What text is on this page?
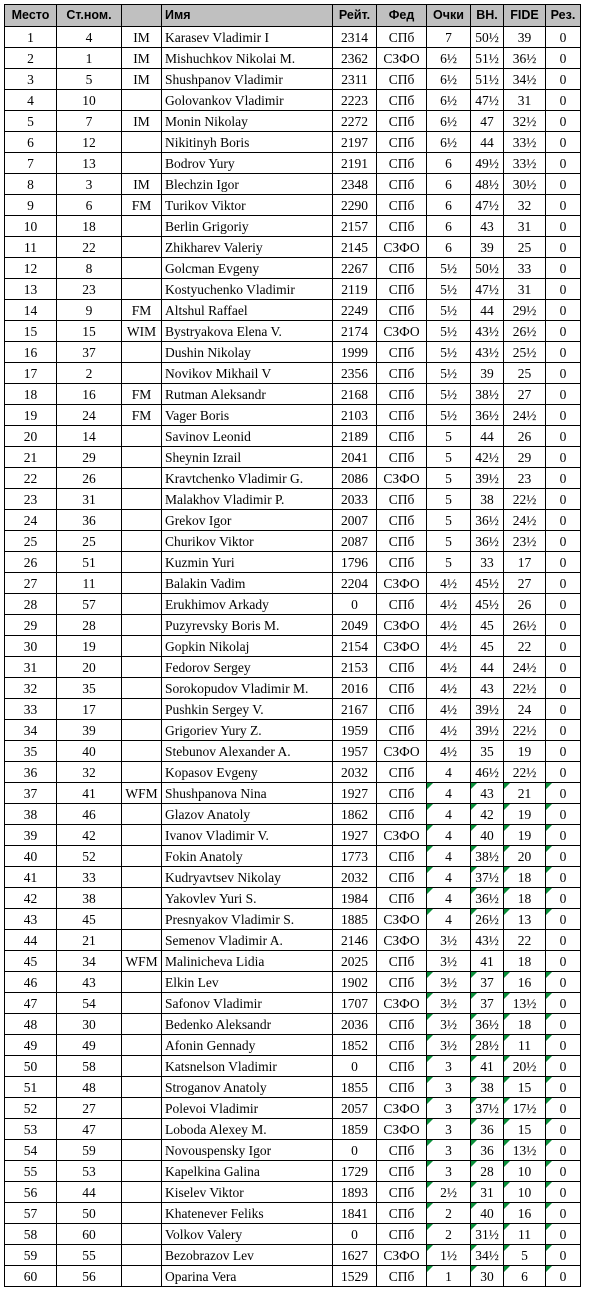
Место	Ст.ном.		Имя	Рейт.	Фед	Очки	ВН.	FIDE	Рез.
1	4	IM	Karasev Vladimir I	2314	СПб	7	50½	39	0
2	1	IM	Mishuchkov Nikolai M.	2362	СЗФО	6½	51½	36½	0
3	5	IM	Shushpanov Vladimir	2311	СПб	6½	51½	34½	0
4	10		Golovankov Vladimir	2223	СПб	6½	47½	31	0
5	7	IM	Monin Nikolay	2272	СПб	6½	47	32½	0
6	12		Nikitinyh Boris	2197	СПб	6½	44	33½	0
7	13		Bodrov Yury	2191	СПб	6	49½	33½	0
8	3	IM	Blechzin Igor	2348	СПб	6	48½	30½	0
9	6	FM	Turikov Viktor	2290	СПб	6	47½	32	0
10	18		Berlin Grigoriy	2157	СПб	6	43	31	0
11	22		Zhikharev Valeriy	2145	СЗФО	6	39	25	0
12	8		Golcman Evgeny	2267	СПб	5½	50½	33	0
13	23		Kostyuchenko Vladimir	2119	СПб	5½	47½	31	0
14	9	FM	Altshul Raffael	2249	СПб	5½	44	29½	0
15	15	WIM	Bystryakova Elena V.	2174	СЗФО	5½	43½	26½	0
16	37		Dushin Nikolay	1999	СПб	5½	43½	25½	0
17	2		Novikov Mikhail V	2356	СПб	5½	39	25	0
18	16	FM	Rutman Aleksandr	2168	СПб	5½	38½	27	0
19	24	FM	Vager Boris	2103	СПб	5½	36½	24½	0
20	14		Savinov Leonid	2189	СПб	5	44	26	0
21	29		Sheynin Izrail	2041	СПб	5	42½	29	0
22	26		Kravtchenko Vladimir G.	2086	СЗФО	5	39½	23	0
23	31		Malakhov Vladimir P.	2033	СПб	5	38	22½	0
24	36		Grekov Igor	2007	СПб	5	36½	24½	0
25	25		Churikov Viktor	2087	СПб	5	36½	23½	0
26	51		Kuzmin Yuri	1796	СПб	5	33	17	0
27	11		Balakin Vadim	2204	СЗФО	4½	45½	27	0
28	57		Erukhimov Arkady	0	СПб	4½	45½	26	0
29	28		Puzyrevsky Boris M.	2049	СЗФО	4½	45	26½	0
30	19		Gopkin Nikolaj	2154	СЗФО	4½	45	22	0
31	20		Fedorov Sergey	2153	СПб	4½	44	24½	0
32	35		Sorokopudov Vladimir M.	2016	СПб	4½	43	22½	0
33	17		Pushkin Sergey V.	2167	СПб	4½	39½	24	0
34	39		Grigoriev Yury Z.	1959	СПб	4½	39½	22½	0
35	40		Stebunov Alexander A.	1957	СЗФО	4½	35	19	0
36	32		Kopasov Evgeny	2032	СПб	4	46½	22½	0
37	41	WFM	Shushpanova Nina	1927	СПб	4	43	21	0
38	46		Glazov Anatoly	1862	СПб	4	42	19	0
39	42		Ivanov Vladimir V.	1927	СЗФО	4	40	19	0
40	52		Fokin Anatoly	1773	СПб	4	38½	20	0
41	33		Kudryavtsev Nikolay	2032	СПб	4	37½	18	0
42	38		Yakovlev Yuri S.	1984	СПб	4	36½	18	0
43	45		Presnyakov Vladimir S.	1885	СЗФО	4	26½	13	0
44	21		Semenov Vladimir A.	2146	СЗФО	3½	43½	22	0
45	34	WFM	Malinicheva Lidia	2025	СПб	3½	41	18	0
46	43		Elkin Lev	1902	СПб	3½	37	16	0
47	54		Safonov Vladimir	1707	СЗФО	3½	37	13½	0
48	30		Bedenko Aleksandr	2036	СПб	3½	36½	18	0
49	49		Afonin Gennady	1852	СПб	3½	28½	11	0
50	58		Katsnelson Vladimir	0	СПб	3	41	20½	0
51	48		Stroganov Anatoly	1855	СПб	3	38	15	0
52	27		Polevoi Vladimir	2057	СЗФО	3	37½	17½	0
53	47		Loboda Alexey M.	1859	СЗФО	3	36	15	0
54	59		Novouspensky Igor	0	СПб	3	36	13½	0
55	53		Kapelkina Galina	1729	СПб	3	28	10	0
56	44		Kiselev Viktor	1893	СПб	2½	31	10	0
57	50		Khatenever Feliks	1841	СПб	2	40	16	0
58	60		Volkov Valery	0	СПб	2	31½	11	0
59	55		Bezobrazov Lev	1627	СЗФО	1½	34½	5	0
60	56		Oparina Vera	1529	СПб	1	30	6	0
